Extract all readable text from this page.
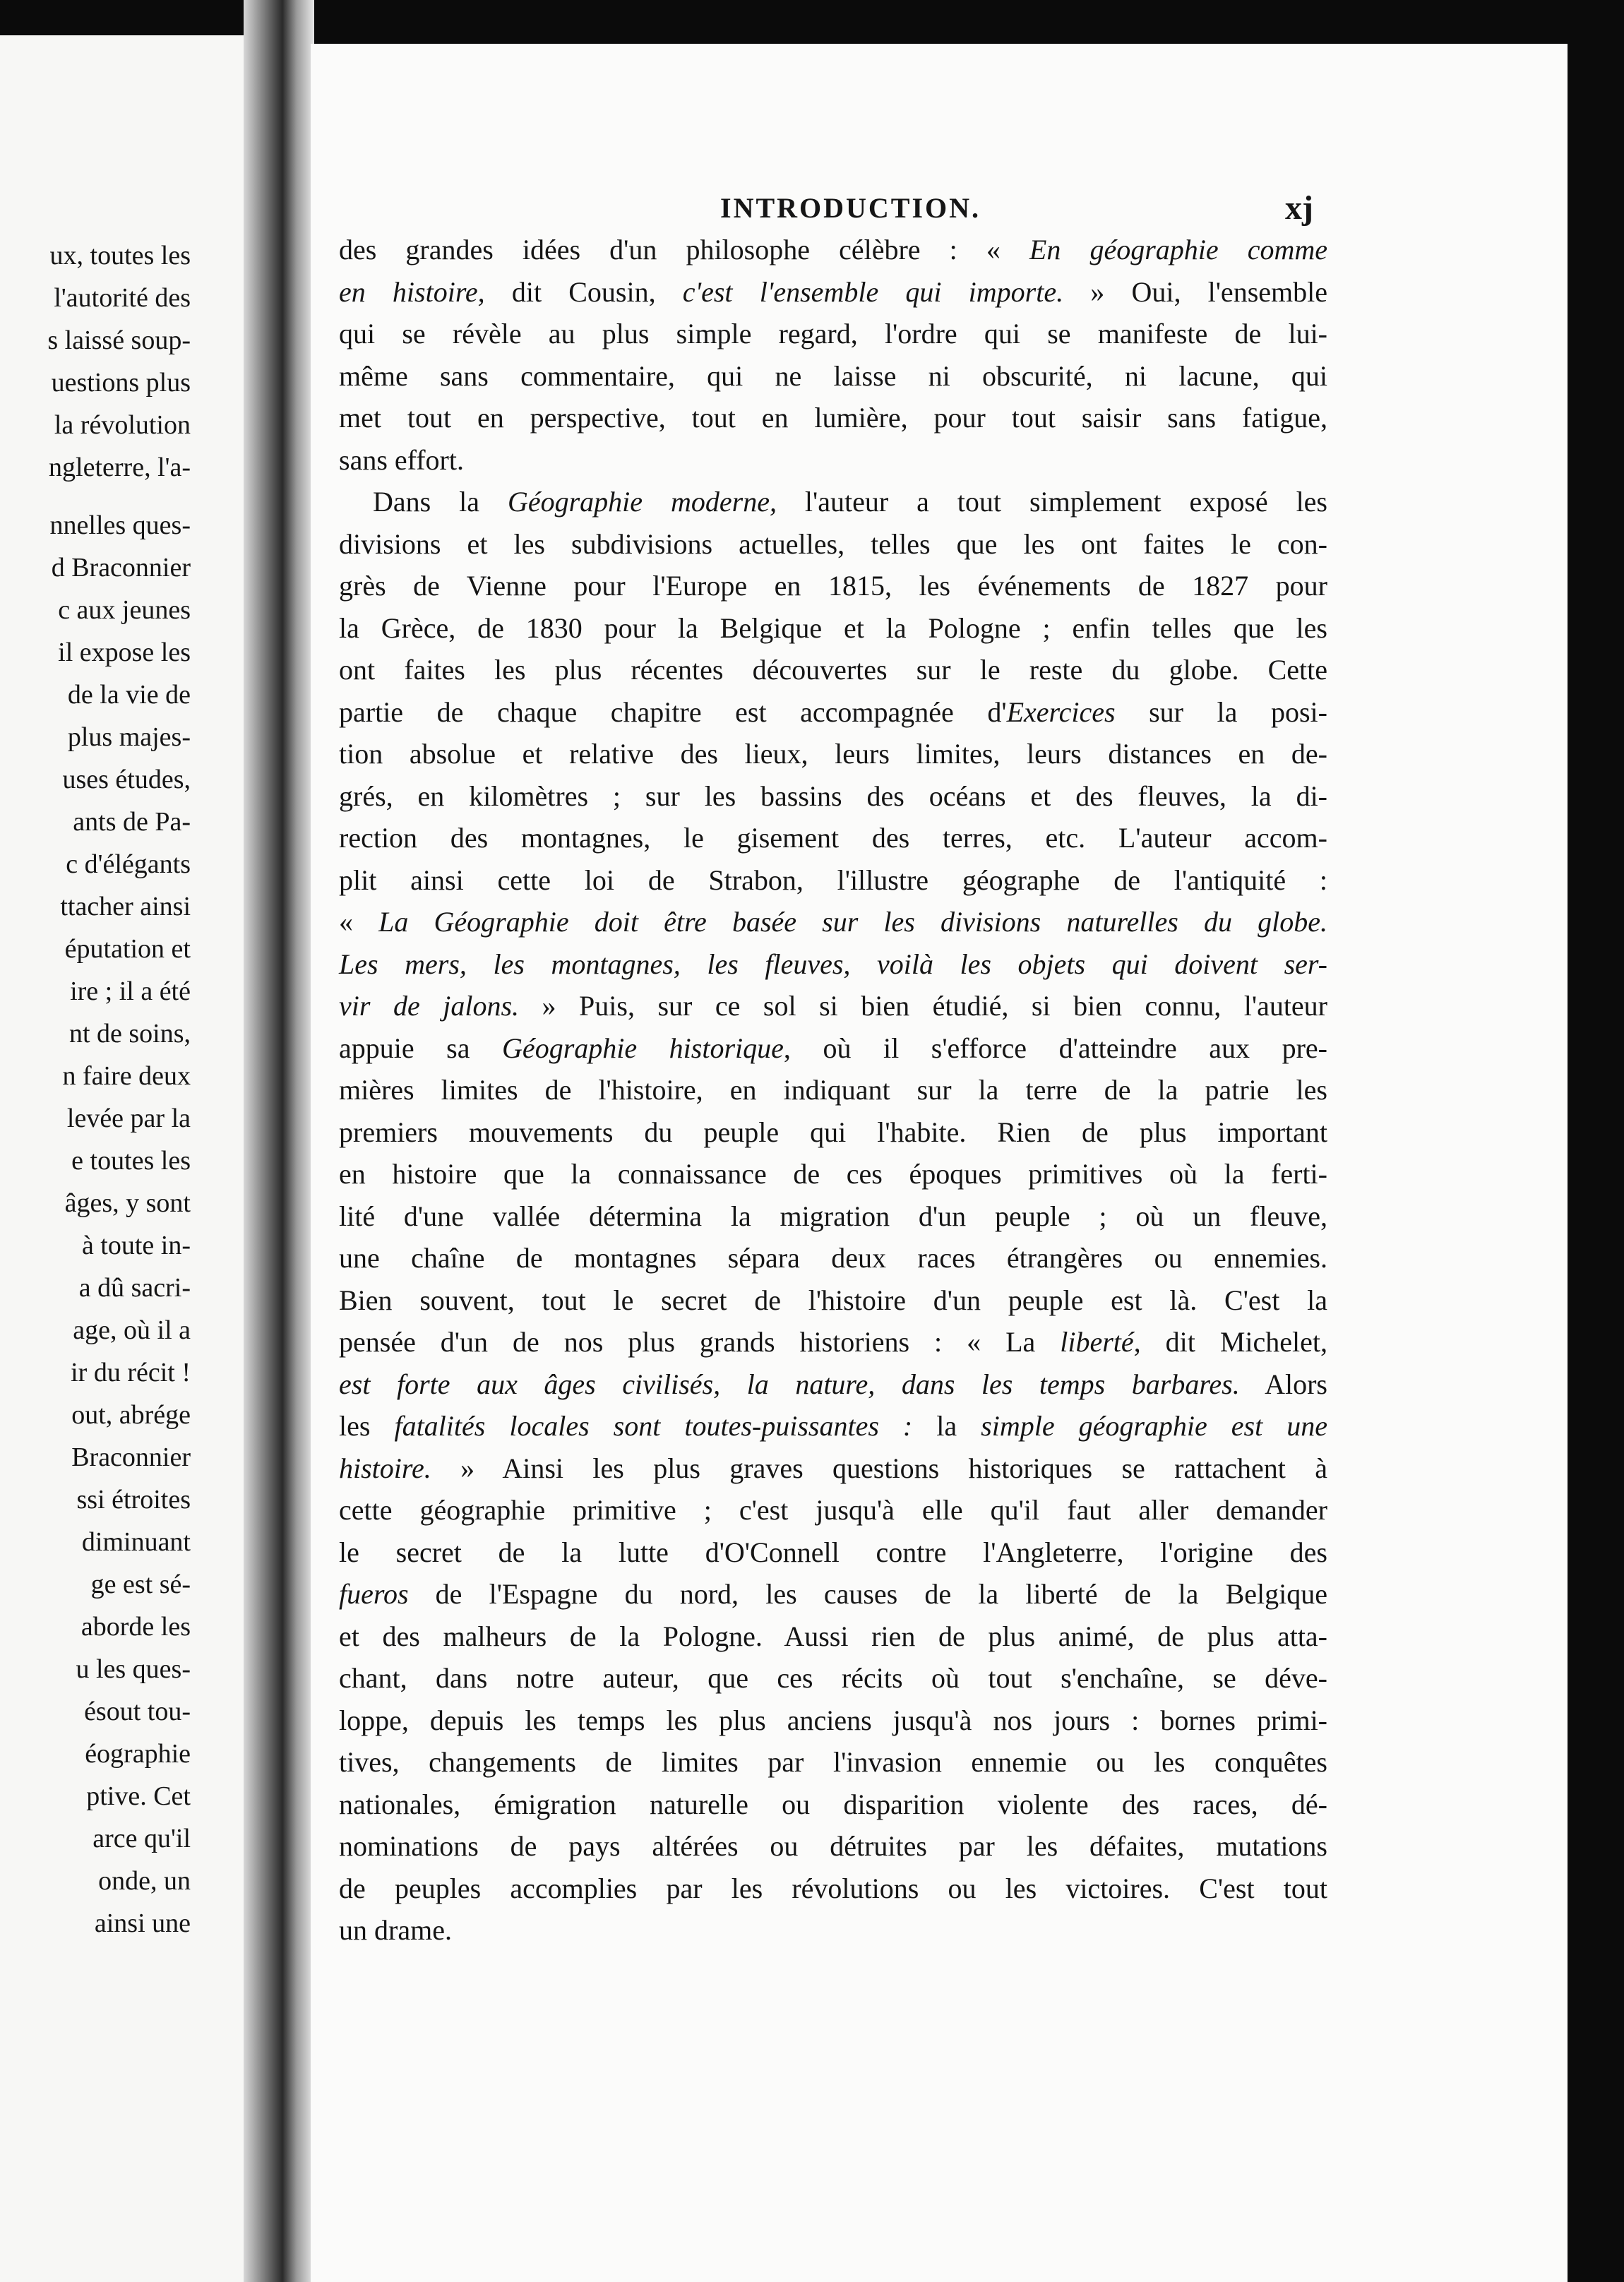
ux, toutes les
l'autorité des
s laissé soup-
uestions plus
la révolution
ngleterre, l'a-
nnelles ques-
d Braconnier
c aux jeunes
il expose les
de la vie de
plus majes-
uses études,
ants de Pa-
c d'élégants
ttacher ainsi
éputation et
ire ; il a été
nt de soins,
n faire deux
levée par la
e toutes les
âges, y sont
à toute in-
a dû sacri-
age, où il a
ir du récit !
out, abrége
Braconnier
ssi étroites
diminuant
ge est sé-
aborde les
u les ques-
ésout tou-
éographie
ptive. Cet
arce qu'il
onde, un
ainsi une
INTRODUCTION.	xj
des grandes idées d'un philosophe célèbre : « En géographie comme
en histoire, dit Cousin, c'est l'ensemble qui importe. » Oui, l'ensemble
qui se révèle au plus simple regard, l'ordre qui se manifeste de lui-
même sans commentaire, qui ne laisse ni obscurité, ni lacune, qui
met tout en perspective, tout en lumière, pour tout saisir sans fatigue,
sans effort.
Dans la Géographie moderne, l'auteur a tout simplement exposé les
divisions et les subdivisions actuelles, telles que les ont faites le con-
grès de Vienne pour l'Europe en 1815, les événements de 1827 pour
la Grèce, de 1830 pour la Belgique et la Pologne ; enfin telles que les
ont faites les plus récentes découvertes sur le reste du globe. Cette
partie de chaque chapitre est accompagnée d'Exercices sur la posi-
tion absolue et relative des lieux, leurs limites, leurs distances en de-
grés, en kilomètres ; sur les bassins des océans et des fleuves, la di-
rection des montagnes, le gisement des terres, etc. L'auteur accom-
plit ainsi cette loi de Strabon, l'illustre géographe de l'antiquité :
« La Géographie doit être basée sur les divisions naturelles du globe.
Les mers, les montagnes, les fleuves, voilà les objets qui doivent ser-
vir de jalons. » Puis, sur ce sol si bien étudié, si bien connu, l'auteur
appuie sa Géographie historique, où il s'efforce d'atteindre aux pre-
mières limites de l'histoire, en indiquant sur la terre de la patrie les
premiers mouvements du peuple qui l'habite. Rien de plus important
en histoire que la connaissance de ces époques primitives où la ferti-
lité d'une vallée détermina la migration d'un peuple ; où un fleuve,
une chaîne de montagnes sépara deux races étrangères ou ennemies.
Bien souvent, tout le secret de l'histoire d'un peuple est là. C'est la
pensée d'un de nos plus grands historiens : « La liberté, dit Michelet,
est forte aux âges civilisés, la nature, dans les temps barbares. Alors
les fatalités locales sont toutes-puissantes : la simple géographie est une
histoire. » Ainsi les plus graves questions historiques se rattachent à
cette géographie primitive ; c'est jusqu'à elle qu'il faut aller demander
le secret de la lutte d'O'Connell contre l'Angleterre, l'origine des
fueros de l'Espagne du nord, les causes de la liberté de la Belgique
et des malheurs de la Pologne. Aussi rien de plus animé, de plus atta-
chant, dans notre auteur, que ces récits où tout s'enchaîne, se déve-
loppe, depuis les temps les plus anciens jusqu'à nos jours : bornes primi-
tives, changements de limites par l'invasion ennemie ou les conquêtes
nationales, émigration naturelle ou disparition violente des races, dé-
nominations de pays altérées ou détruites par les défaites, mutations
de peuples accomplies par les révolutions ou les victoires. C'est tout
un drame.
